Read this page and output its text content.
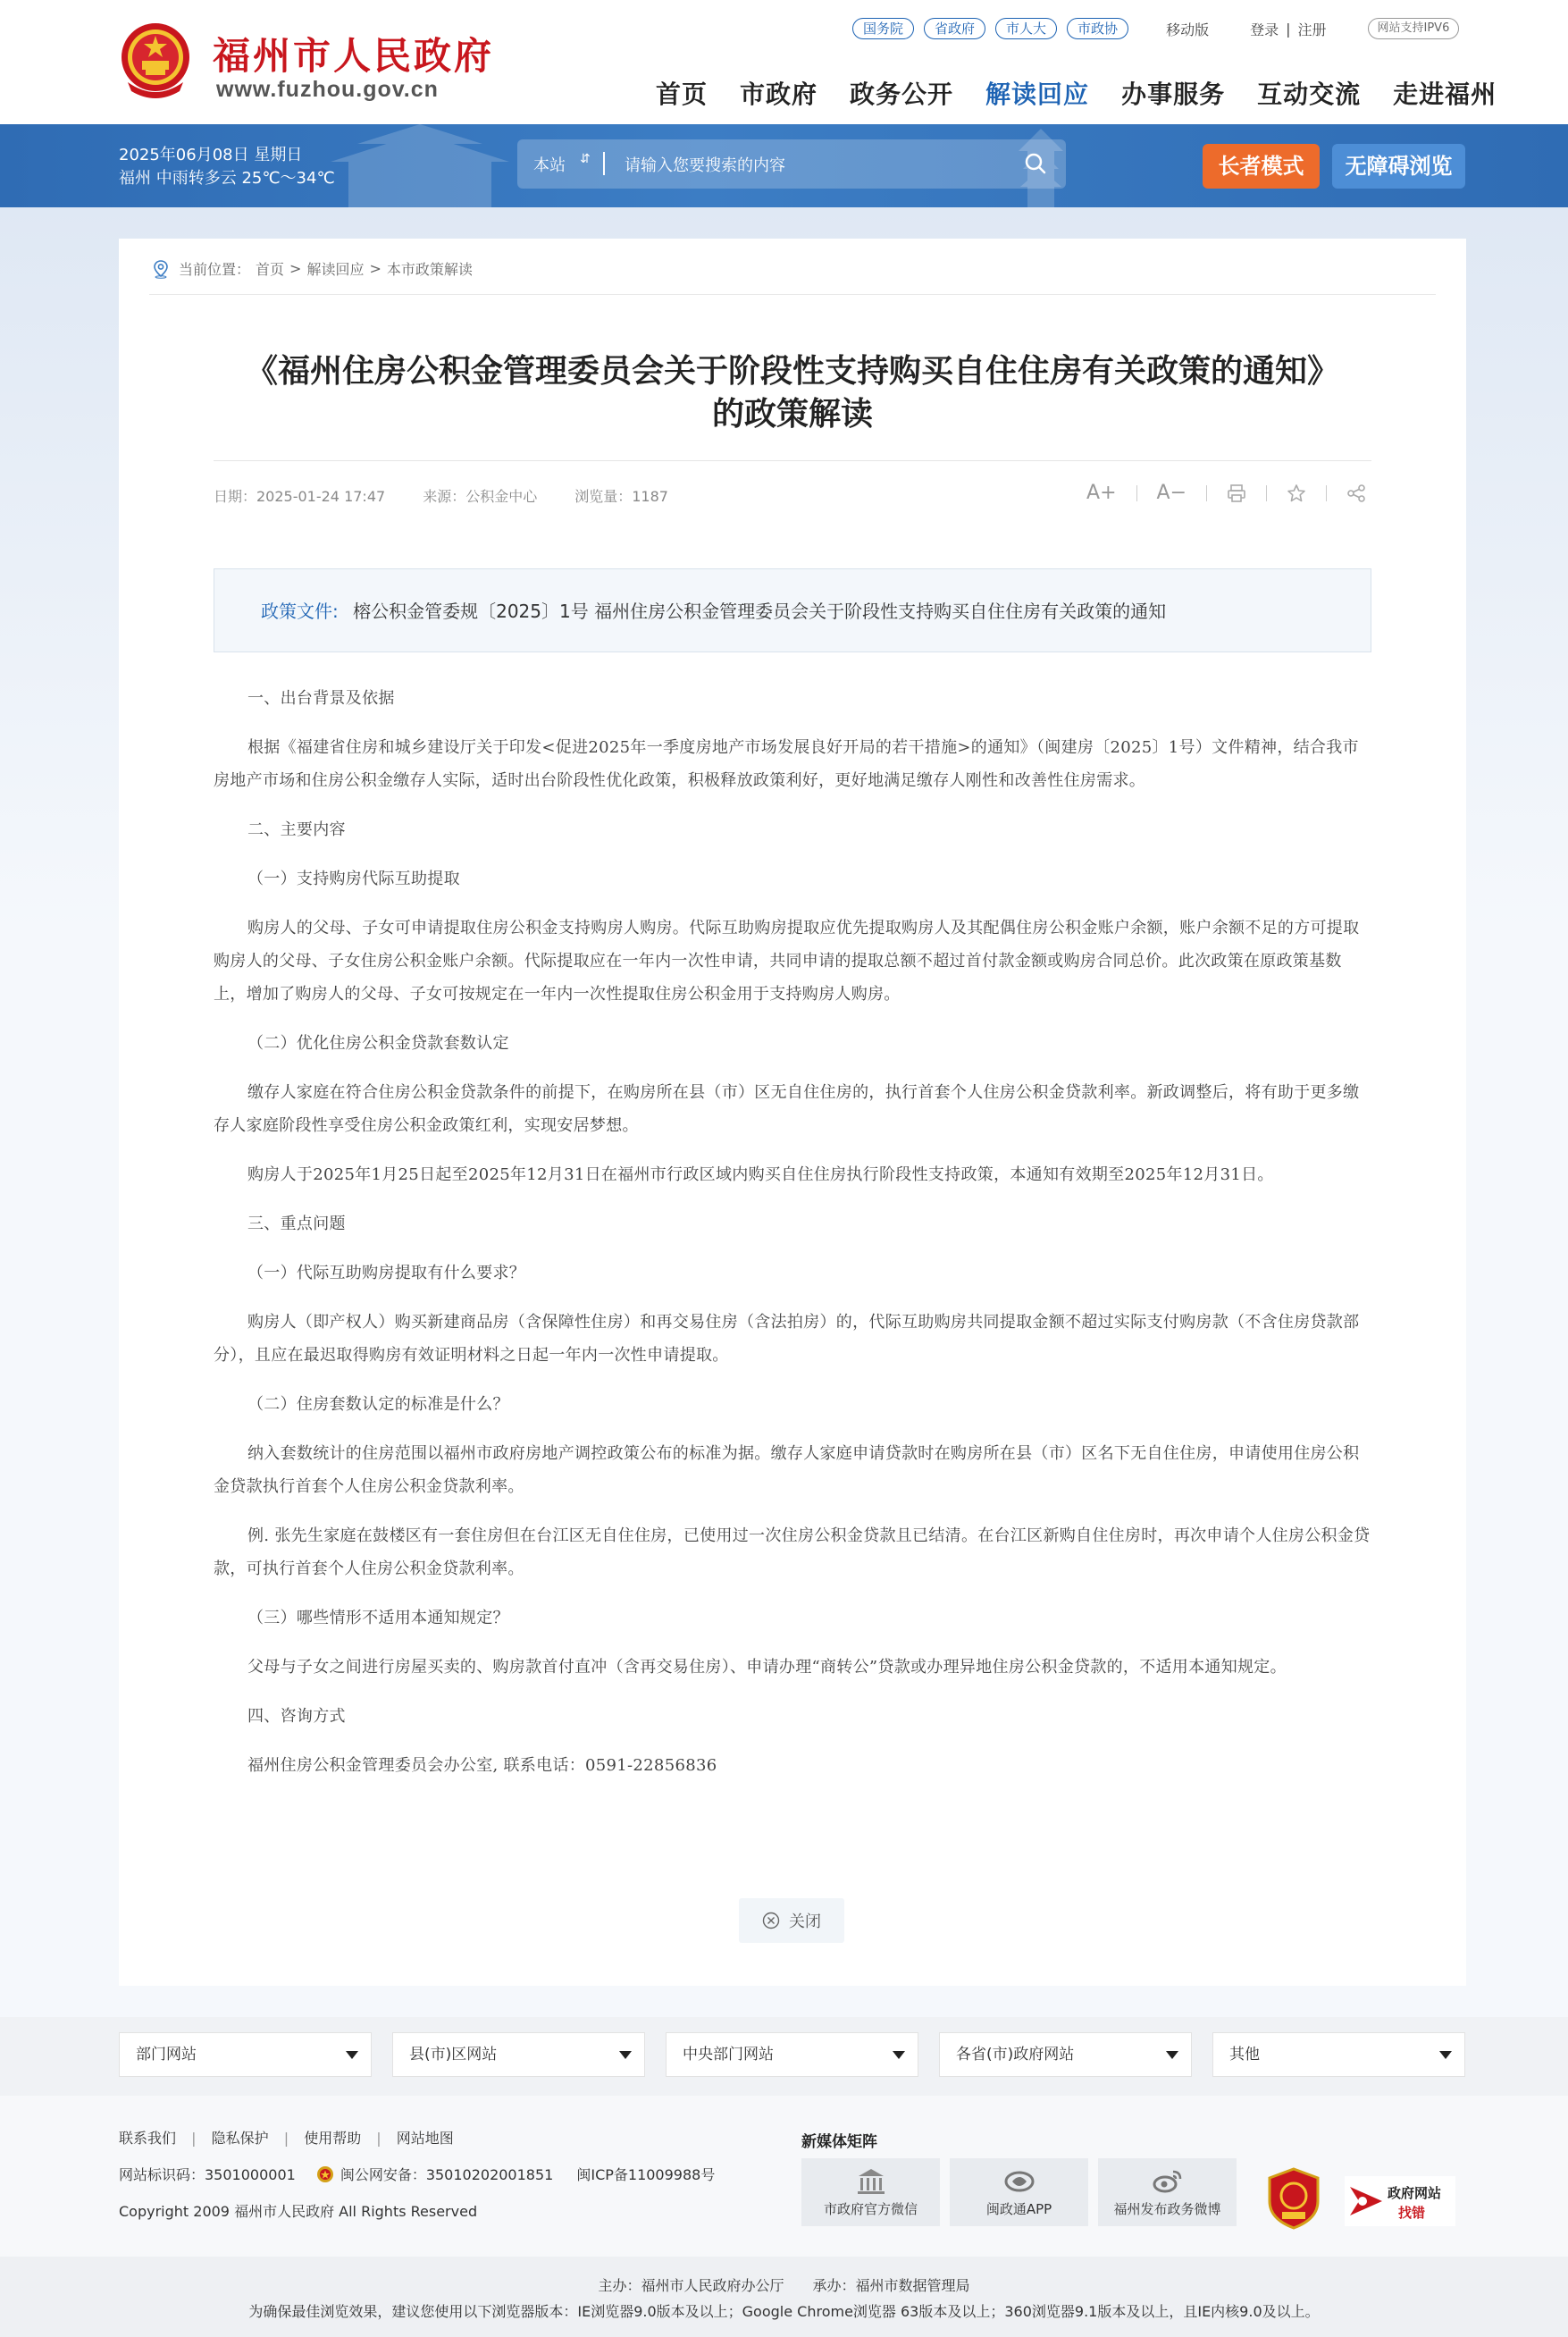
福州市人民政府
www.fuzhou.gov.cn
国务院	省政府	市人大	市政协	移动版	登录 | 注册	网站支持IPV6
首页 市政府 政务公开 解读回应 办事服务 互动交流 走进福州
2025年06月08日 星期日
福州 中雨转多云 25℃～34℃
本站 ⇵ 请输入您要搜索的内容	长者模式	无障碍浏览
当前位置： 首页 > 解读回应 > 本市政策解读
《福州住房公积金管理委员会关于阶段性支持购买自住住房有关政策的通知》
的政策解读
日期：2025-01-24 17:47	来源：公积金中心	浏览量：1187	A+ A−
政策文件: 榕公积金管委规〔2025〕1号 福州住房公积金管理委员会关于阶段性支持购买自住住房有关政策的通知

一、出台背景及依据

根据《福建省住房和城乡建设厅关于印发<促进2025年一季度房地产市场发展良好开局的若干措施>的通知》（闽建房〔2025〕1号）文件精神，结合我市房地产市场和住房公积金缴存人实际，适时出台阶段性优化政策，积极释放政策利好，更好地满足缴存人刚性和改善性住房需求。

二、主要内容

（一）支持购房代际互助提取

购房人的父母、子女可申请提取住房公积金支持购房人购房。代际互助购房提取应优先提取购房人及其配偶住房公积金账户余额，账户余额不足的方可提取购房人的父母、子女住房公积金账户余额。代际提取应在一年内一次性申请，共同申请的提取总额不超过首付款金额或购房合同总价。此次政策在原政策基数上，增加了购房人的父母、子女可按规定在一年内一次性提取住房公积金用于支持购房人购房。

（二）优化住房公积金贷款套数认定

缴存人家庭在符合住房公积金贷款条件的前提下，在购房所在县（市）区无自住住房的，执行首套个人住房公积金贷款利率。新政调整后，将有助于更多缴存人家庭阶段性享受住房公积金政策红利，实现安居梦想。

购房人于2025年1月25日起至2025年12月31日在福州市行政区域内购买自住住房执行阶段性支持政策，本通知有效期至2025年12月31日。

三、重点问题

（一）代际互助购房提取有什么要求？

购房人（即产权人）购买新建商品房（含保障性住房）和再交易住房（含法拍房）的，代际互助购房共同提取金额不超过实际支付购房款（不含住房贷款部分），且应在最迟取得购房有效证明材料之日起一年内一次性申请提取。

（二）住房套数认定的标准是什么？

纳入套数统计的住房范围以福州市政府房地产调控政策公布的标准为据。缴存人家庭申请贷款时在购房所在县（市）区名下无自住住房，申请使用住房公积金贷款执行首套个人住房公积金贷款利率。

例. 张先生家庭在鼓楼区有一套住房但在台江区无自住住房，已使用过一次住房公积金贷款且已结清。在台江区新购自住住房时，再次申请个人住房公积金贷款，可执行首套个人住房公积金贷款利率。

（三）哪些情形不适用本通知规定？

父母与子女之间进行房屋买卖的、购房款首付直冲（含再交易住房）、申请办理“商转公”贷款或办理异地住房公积金贷款的，不适用本通知规定。

四、咨询方式

福州住房公积金管理委员会办公室, 联系电话：0591-22856836

关闭
部门网站	县(市)区网站	中央部门网站	各省(市)政府网站	其他
联系我们 | 隐私保护 | 使用帮助 | 网站地图
网站标识码：3501000001	闽公网安备：35010202001851 闽ICP备11009988号
Copyright 2009 福州市人民政府 All Rights Reserved
新媒体矩阵
市政府官方微信	闽政通APP	福州发布政务微博
政府网站
找错
主办：福州市人民政府办公厅　　承办：福州市数据管理局
为确保最佳浏览效果，建议您使用以下浏览器版本：IE浏览器9.0版本及以上；Google Chrome浏览器 63版本及以上；360浏览器9.1版本及以上，且IE内核9.0及以上。
